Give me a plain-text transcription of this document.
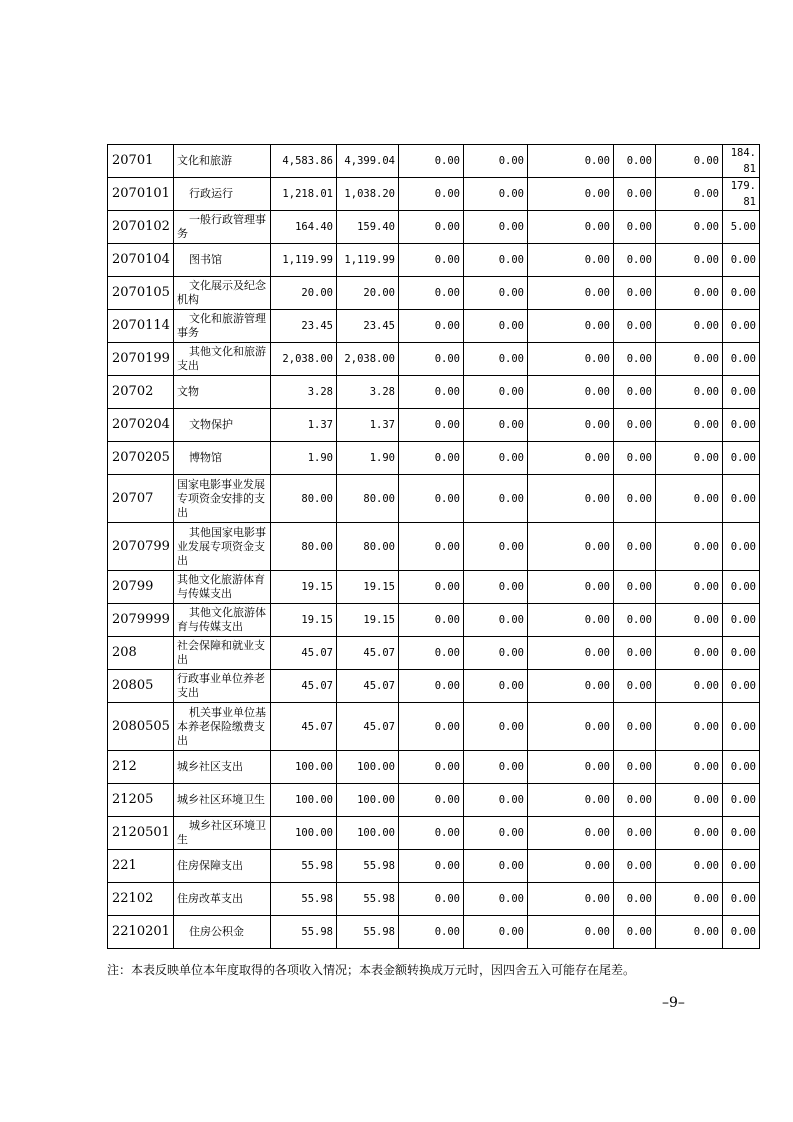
20701	文化和旅游	4,583.86	4,399.04	0.00	0.00	0.00	0.00	0.00	184.81
2070101	行政运行	1,218.01	1,038.20	0.00	0.00	0.00	0.00	0.00	179.81
2070102	一般行政管理事务	164.40	159.40	0.00	0.00	0.00	0.00	0.00	5.00
2070104	图书馆	1,119.99	1,119.99	0.00	0.00	0.00	0.00	0.00	0.00
2070105	文化展示及纪念机构	20.00	20.00	0.00	0.00	0.00	0.00	0.00	0.00
2070114	文化和旅游管理事务	23.45	23.45	0.00	0.00	0.00	0.00	0.00	0.00
2070199	其他文化和旅游支出	2,038.00	2,038.00	0.00	0.00	0.00	0.00	0.00	0.00
20702	文物	3.28	3.28	0.00	0.00	0.00	0.00	0.00	0.00
2070204	文物保护	1.37	1.37	0.00	0.00	0.00	0.00	0.00	0.00
2070205	博物馆	1.90	1.90	0.00	0.00	0.00	0.00	0.00	0.00
20707	国家电影事业发展专项资金安排的支出	80.00	80.00	0.00	0.00	0.00	0.00	0.00	0.00
2070799	其他国家电影事业发展专项资金支出	80.00	80.00	0.00	0.00	0.00	0.00	0.00	0.00
20799	其他文化旅游体育与传媒支出	19.15	19.15	0.00	0.00	0.00	0.00	0.00	0.00
2079999	其他文化旅游体育与传媒支出	19.15	19.15	0.00	0.00	0.00	0.00	0.00	0.00
208	社会保障和就业支出	45.07	45.07	0.00	0.00	0.00	0.00	0.00	0.00
20805	行政事业单位养老支出	45.07	45.07	0.00	0.00	0.00	0.00	0.00	0.00
2080505	机关事业单位基本养老保险缴费支出	45.07	45.07	0.00	0.00	0.00	0.00	0.00	0.00
212	城乡社区支出	100.00	100.00	0.00	0.00	0.00	0.00	0.00	0.00
21205	城乡社区环境卫生	100.00	100.00	0.00	0.00	0.00	0.00	0.00	0.00
2120501	城乡社区环境卫生	100.00	100.00	0.00	0.00	0.00	0.00	0.00	0.00
221	住房保障支出	55.98	55.98	0.00	0.00	0.00	0.00	0.00	0.00
22102	住房改革支出	55.98	55.98	0.00	0.00	0.00	0.00	0.00	0.00
2210201	住房公积金	55.98	55.98	0.00	0.00	0.00	0.00	0.00	0.00
注：本表反映单位本年度取得的各项收入情况；本表金额转换成万元时，因四舍五入可能存在尾差。
–9–
